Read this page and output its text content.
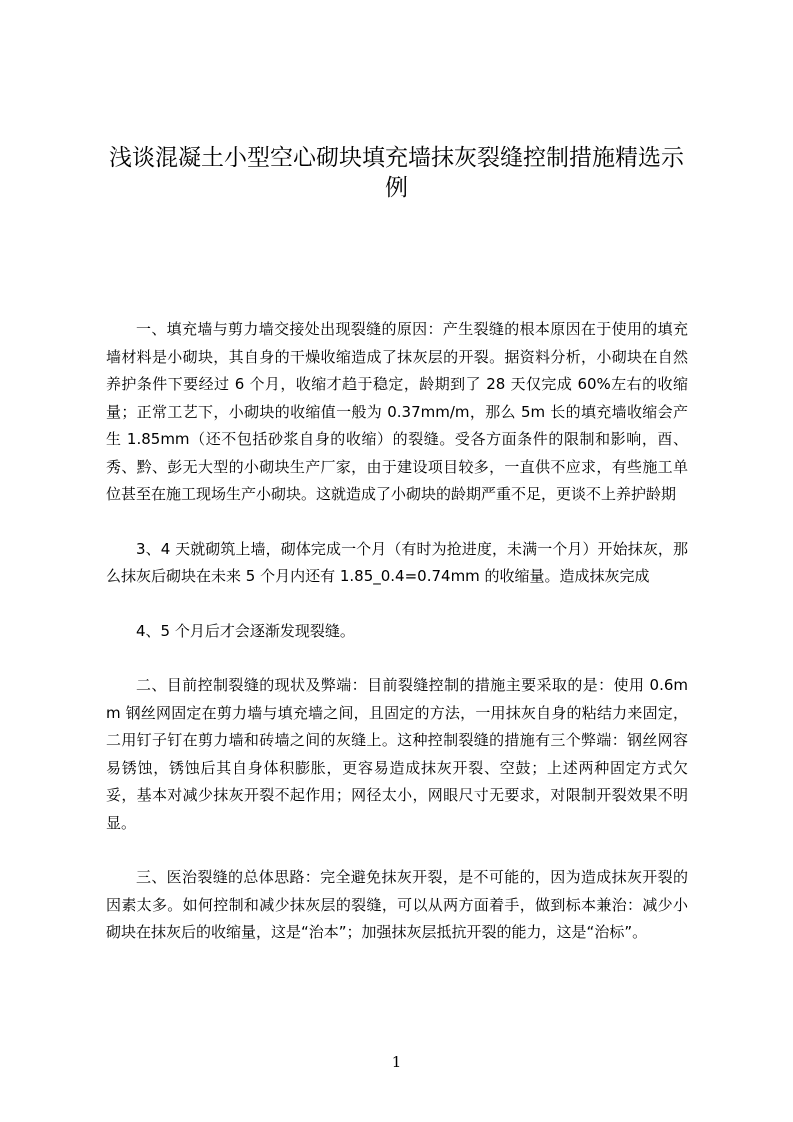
浅谈混凝土小型空心砌块填充墙抹灰裂缝控制措施精选示例

一、填充墙与剪力墙交接处出现裂缝的原因：产生裂缝的根本原因在于使用的填充墙材料是小砌块，其自身的干燥收缩造成了抹灰层的开裂。据资料分析，小砌块在自然养护条件下要经过 6 个月，收缩才趋于稳定，龄期到了 28 天仅完成 60%左右的收缩量；正常工艺下，小砌块的收缩值一般为 0.37mm/m，那么 5m 长的填充墙收缩会产生 1.85mm（还不包括砂浆自身的收缩）的裂缝。受各方面条件的限制和影响，酉、秀、黔、彭无大型的小砌块生产厂家，由于建设项目较多，一直供不应求，有些施工单位甚至在施工现场生产小砌块。这就造成了小砌块的龄期严重不足，更谈不上养护龄期

3、4 天就砌筑上墙，砌体完成一个月（有时为抢进度，未满一个月）开始抹灰，那么抹灰后砌块在未来 5 个月内还有 1.85_0.4=0.74mm 的收缩量。造成抹灰完成

4、5 个月后才会逐渐发现裂缝。

二、目前控制裂缝的现状及弊端：目前裂缝控制的措施主要采取的是：使用 0.6mm 钢丝网固定在剪力墙与填充墙之间，且固定的方法，一用抹灰自身的粘结力来固定，二用钉子钉在剪力墙和砖墙之间的灰缝上。这种控制裂缝的措施有三个弊端：钢丝网容易锈蚀，锈蚀后其自身体积膨胀，更容易造成抹灰开裂、空鼓；上述两种固定方式欠妥，基本对减少抹灰开裂不起作用；网径太小，网眼尺寸无要求，对限制开裂效果不明显。

三、医治裂缝的总体思路：完全避免抹灰开裂，是不可能的，因为造成抹灰开裂的因素太多。如何控制和减少抹灰层的裂缝，可以从两方面着手，做到标本兼治：减少小砌块在抹灰后的收缩量，这是“治本”；加强抹灰层抵抗开裂的能力，这是“治标”。

1
